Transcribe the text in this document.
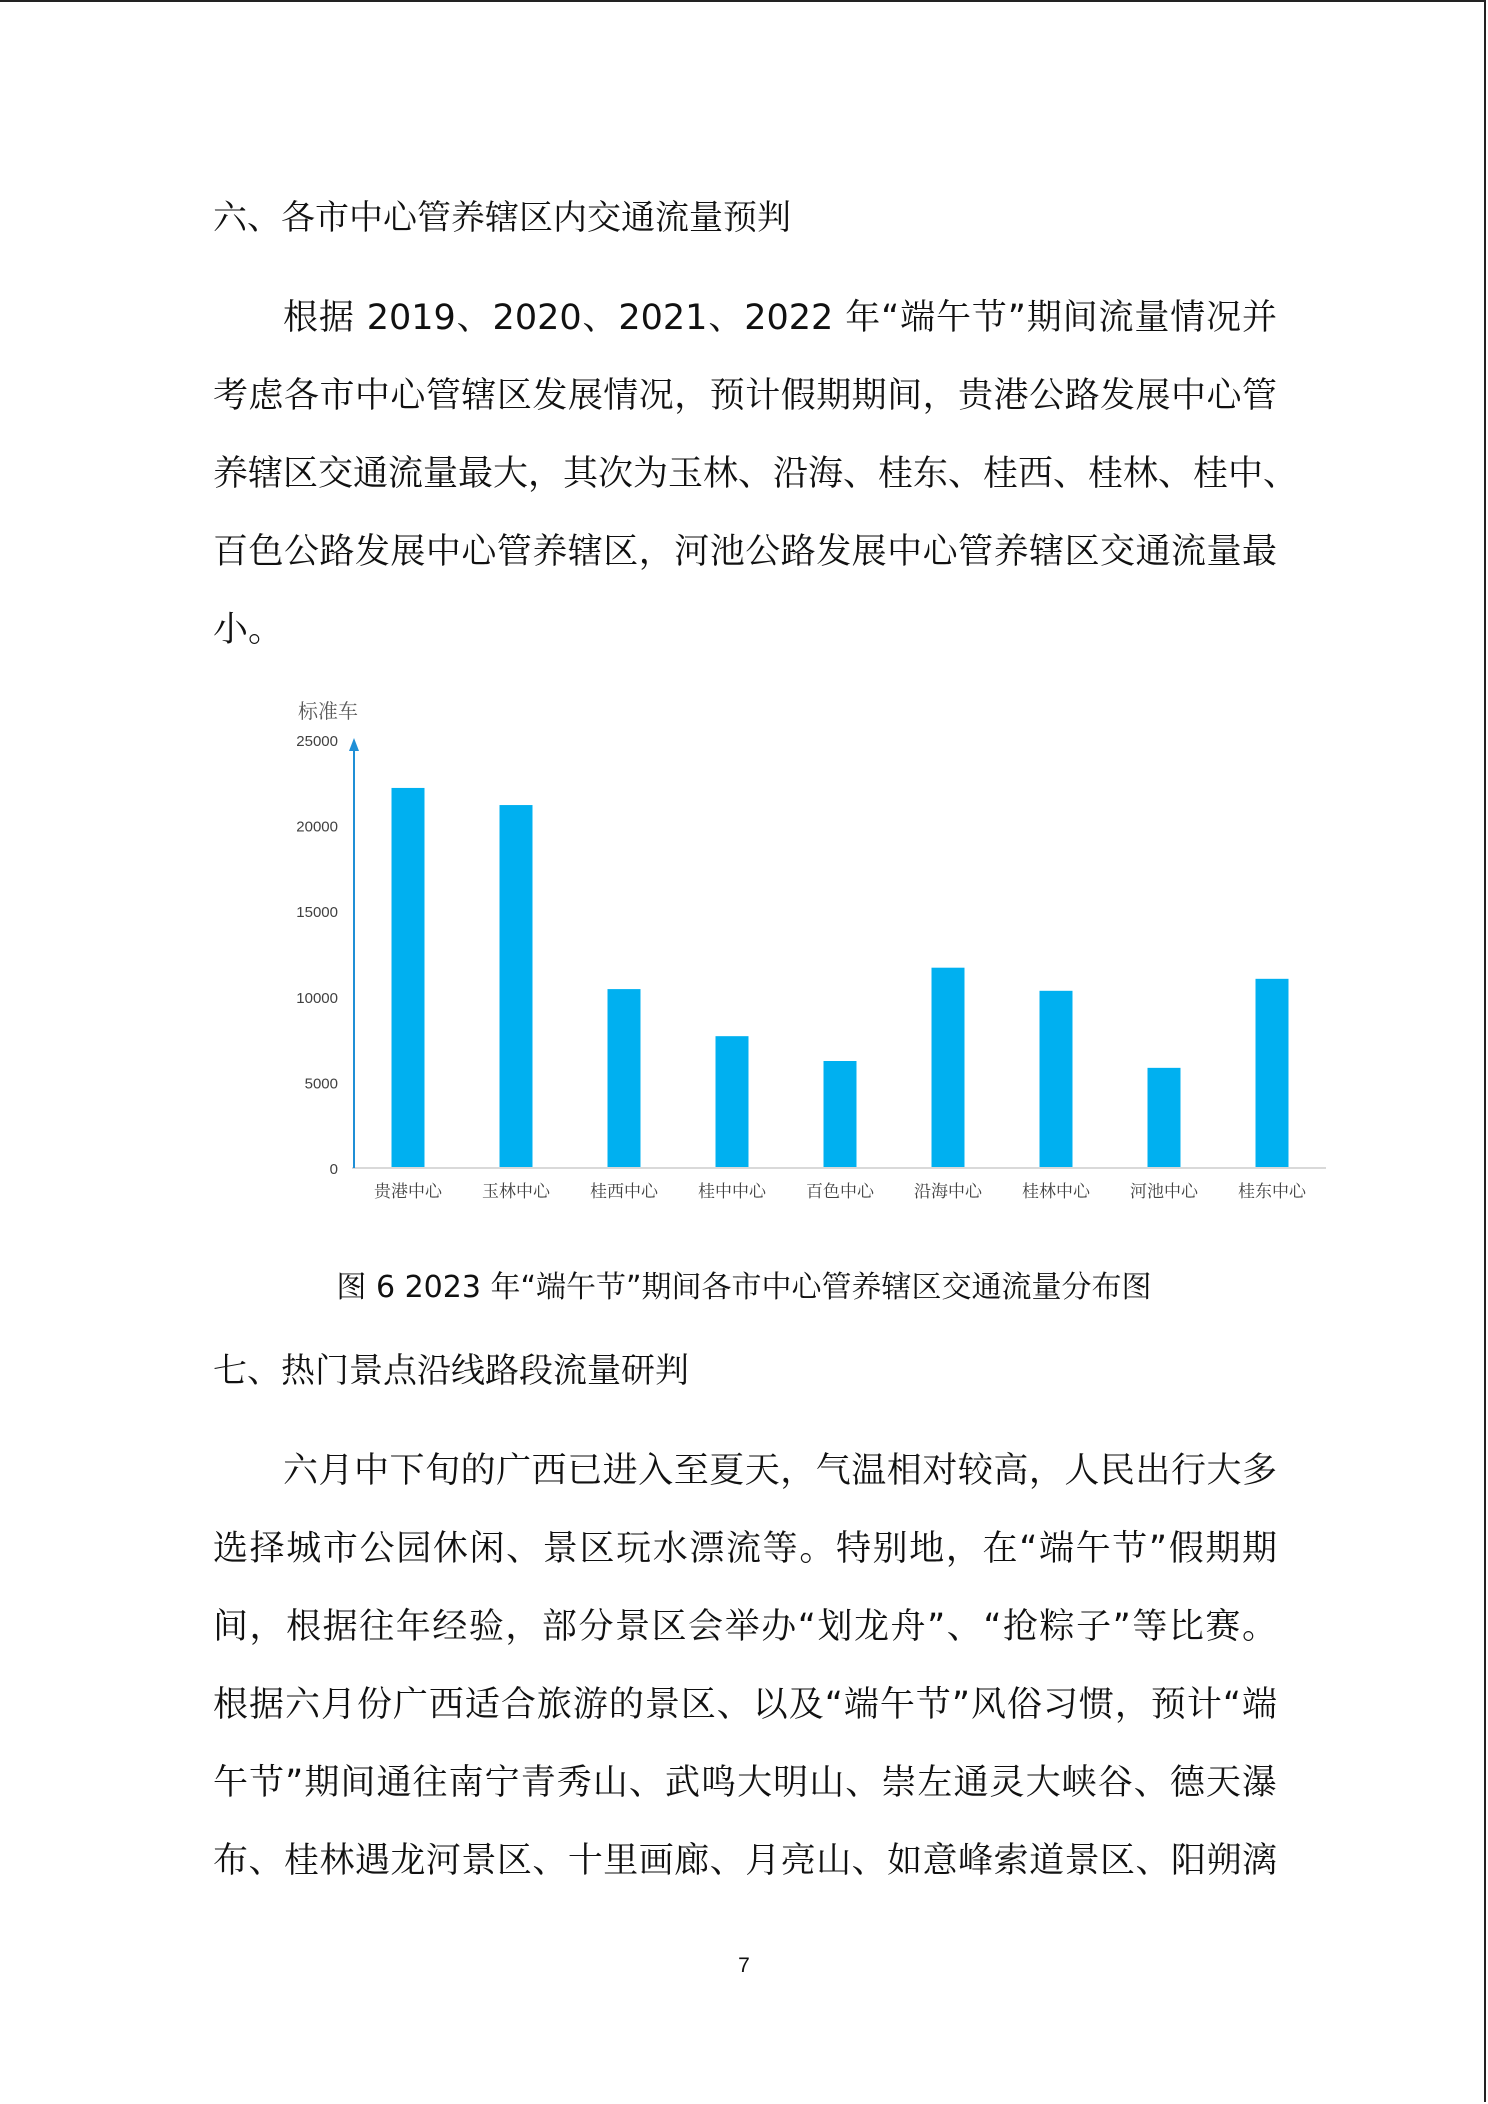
六、各市中心管养辖区内交通流量预判
根据 2019、2020、2021、2022 年“端午节”期间流量情况并
考虑各市中心管辖区发展情况，预计假期期间，贵港公路发展中心管
养辖区交通流量最大，其次为玉林、沿海、桂东、桂西、桂林、桂中、
百色公路发展中心管养辖区，河池公路发展中心管养辖区交通流量最
小。
标准车
0
5000
10000
15000
20000
25000
贵港中心 玉林中心 桂西中心 桂中中心 百色中心 沿海中心 桂林中心 河池中心 桂东中心
图 6 2023 年“端午节”期间各市中心管养辖区交通流量分布图
七、热门景点沿线路段流量研判
六月中下旬的广西已进入至夏天，气温相对较高，人民出行大多
选择城市公园休闲、景区玩水漂流等。特别地，在“端午节”假期期
间，根据往年经验，部分景区会举办“划龙舟”、“抢粽子”等比赛。
根据六月份广西适合旅游的景区、以及“端午节”风俗习惯，预计“端
午节”期间通往南宁青秀山、武鸣大明山、崇左通灵大峡谷、德天瀑
布、桂林遇龙河景区、十里画廊、月亮山、如意峰索道景区、阳朔漓
7
